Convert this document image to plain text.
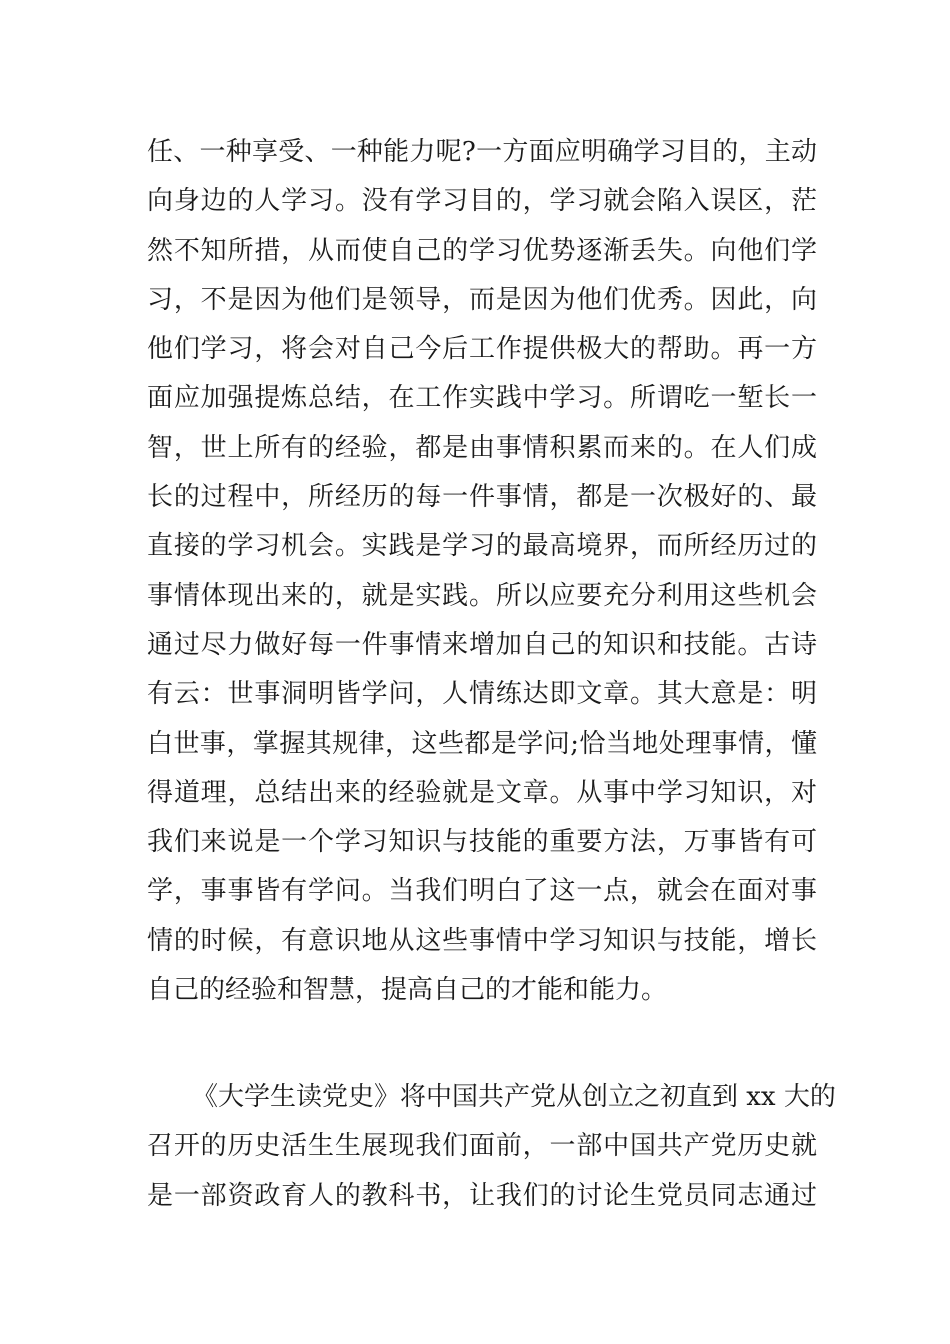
任、一种享受、一种能力呢?一方面应明确学习目的，主动
向身边的人学习。没有学习目的，学习就会陷入误区，茫
然不知所措，从而使自己的学习优势逐渐丢失。向他们学
习，不是因为他们是领导，而是因为他们优秀。因此，向
他们学习，将会对自己今后工作提供极大的帮助。再一方
面应加强提炼总结，在工作实践中学习。所谓吃一堑长一
智，世上所有的经验，都是由事情积累而来的。在人们成
长的过程中，所经历的每一件事情，都是一次极好的、最
直接的学习机会。实践是学习的最高境界，而所经历过的
事情体现出来的，就是实践。所以应要充分利用这些机会
通过尽力做好每一件事情来增加自己的知识和技能。古诗
有云：世事洞明皆学问，人情练达即文章。其大意是：明
白世事，掌握其规律，这些都是学问;恰当地处理事情，懂
得道理，总结出来的经验就是文章。从事中学习知识，对
我们来说是一个学习知识与技能的重要方法，万事皆有可
学，事事皆有学问。当我们明白了这一点，就会在面对事
情的时候，有意识地从这些事情中学习知识与技能，增长
自己的经验和智慧，提高自己的才能和能力。

《大学生读党史》将中国共产党从创立之初直到 xx 大的
召开的历史活生生展现我们面前，一部中国共产党历史就
是一部资政育人的教科书，让我们的讨论生党员同志通过
